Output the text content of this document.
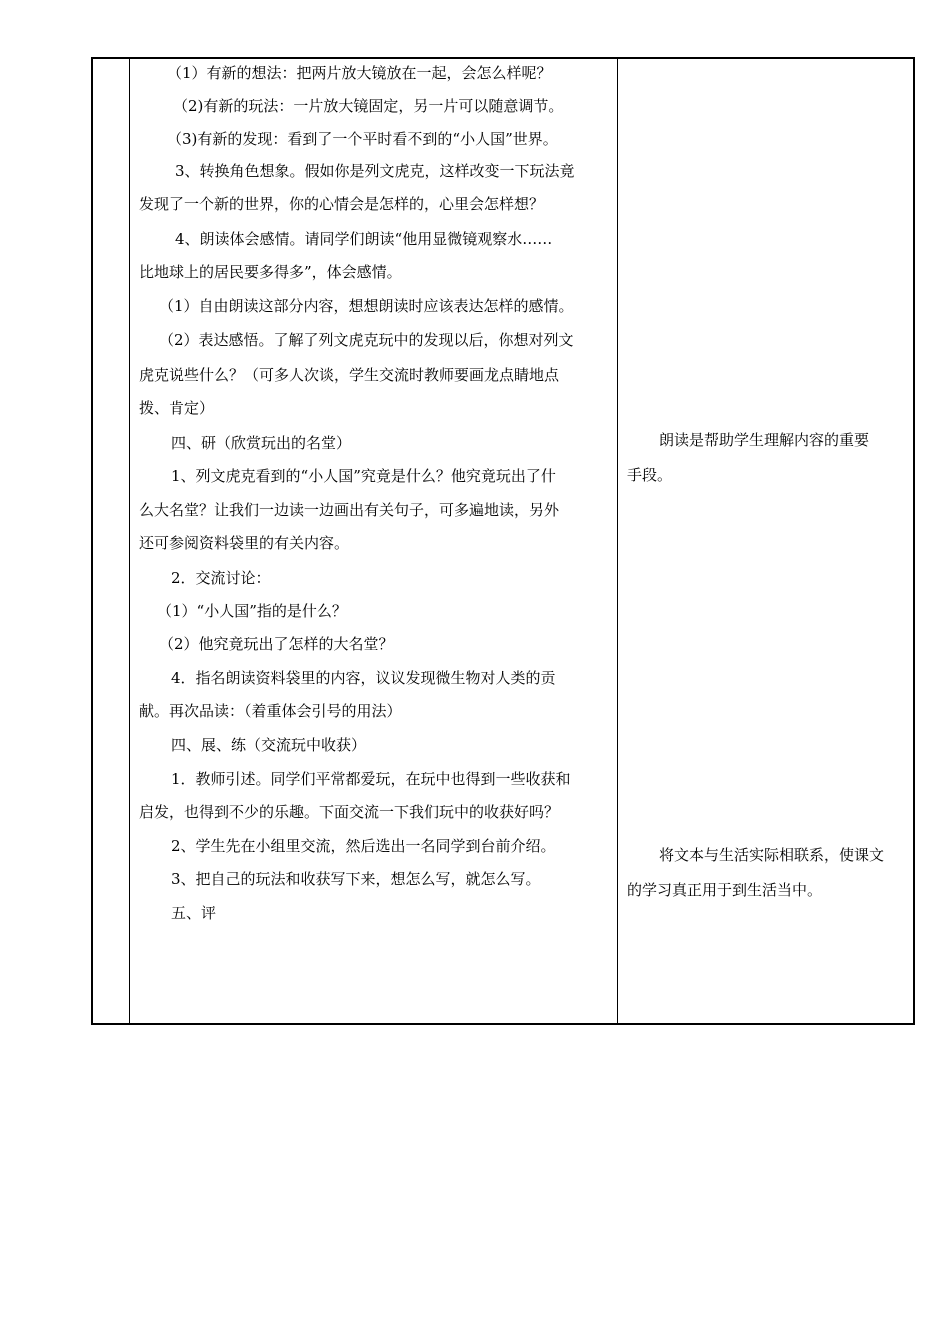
（1）有新的想法：把两片放大镜放在一起，会怎么样呢？
（2)有新的玩法：一片放大镜固定，另一片可以随意调节。
（3)有新的发现：看到了一个平时看不到的“小人国”世界。
3、转换角色想象。假如你是列文虎克，这样改变一下玩法竟
发现了一个新的世界，你的心情会是怎样的，心里会怎样想？
4、朗读体会感情。请同学们朗读“他用显微镜观察水……
比地球上的居民要多得多”，体会感情。
（1）自由朗读这部分内容，想想朗读时应该表达怎样的感情。
（2）表达感悟。了解了列文虎克玩中的发现以后，你想对列文
虎克说些什么？（可多人次谈，学生交流时教师要画龙点睛地点
拨、肯定）
四、研（欣赏玩出的名堂）
1、列文虎克看到的“小人国”究竟是什么？他究竟玩出了什
么大名堂？让我们一边读一边画出有关句子，可多遍地读，另外
还可参阅资料袋里的有关内容。
2．交流讨论：
（1）“小人国”指的是什么？
（2）他究竟玩出了怎样的大名堂？
4．指名朗读资料袋里的内容，议议发现微生物对人类的贡
献。再次品读：（着重体会引号的用法）
四、展、练（交流玩中收获）
1．教师引述。同学们平常都爱玩，在玩中也得到一些收获和
启发，也得到不少的乐趣。下面交流一下我们玩中的收获好吗？
2、学生先在小组里交流，然后选出一名同学到台前介绍。
3、把自己的玩法和收获写下来，想怎么写，就怎么写。
五、评
朗读是帮助学生理解内容的重要
手段。
将文本与生活实际相联系，使课文
的学习真正用于到生活当中。
